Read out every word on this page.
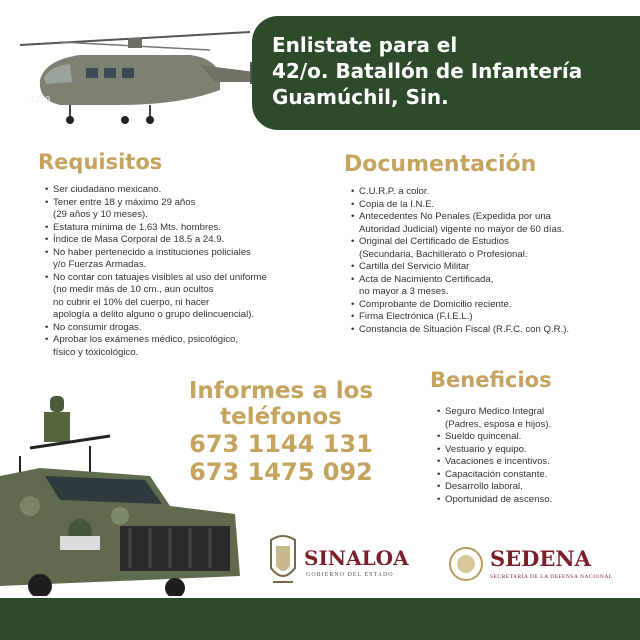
1719
Enlistate para el
42/o. Batallón de Infantería
Guamúchil, Sin.
Requisitos
• Ser ciudadano mexicano.
• Tener entre 18 y máximo 29 años
(29 años y 10 meses).
• Estatura mínima de 1.63 Mts. hombres.
• Índice de Masa Corporal de 18.5 a 24.9.
• No haber pertenecido a instituciones policiales
y/o Fuerzas Armadas.
• No contar con tatuajes visibles al uso del uniforme
(no medir más de 10 cm., aun ocultos
no cubrir el 10% del cuerpo, ni hacer
apología a delito alguno o grupo delincuencial).
• No consumir drogas.
• Aprobar los exámenes médico, psicológico,
físico y toxicológico.
Documentación
• C.U.R.P. a color.
• Copia de la I.N.E.
• Antecedentes No Penales (Expedida por una
Autoridad Judicial) vigente no mayor de 60 días.
• Original del Certificado de Estudios
(Secundaria, Bachillerato o Profesional.
• Cartilla del Servicio Militar
• Acta de Nacimiento Certificada,
no mayor a 3 meses.
• Comprobante de Domicilio reciente.
• Firma Electrónica (F.I.E.L.)
• Constancia de Situación Fiscal (R.F.C. con Q.R.).
Informes a los
teléfonos
673 1144 131
673 1475 092
Beneficios
• Seguro Medico Integral
(Padres, esposa e hijos).
• Sueldo quincenal.
• Vestuario y equipo.
• Vacaciones e incentivos.
• Capacitación constante.
• Desarrollo laboral.
• Oportunidad de ascenso.
SINALOA
GOBIERNO DEL ESTADO
SEDENA
SECRETARÍA DE LA DEFENSA NACIONAL
